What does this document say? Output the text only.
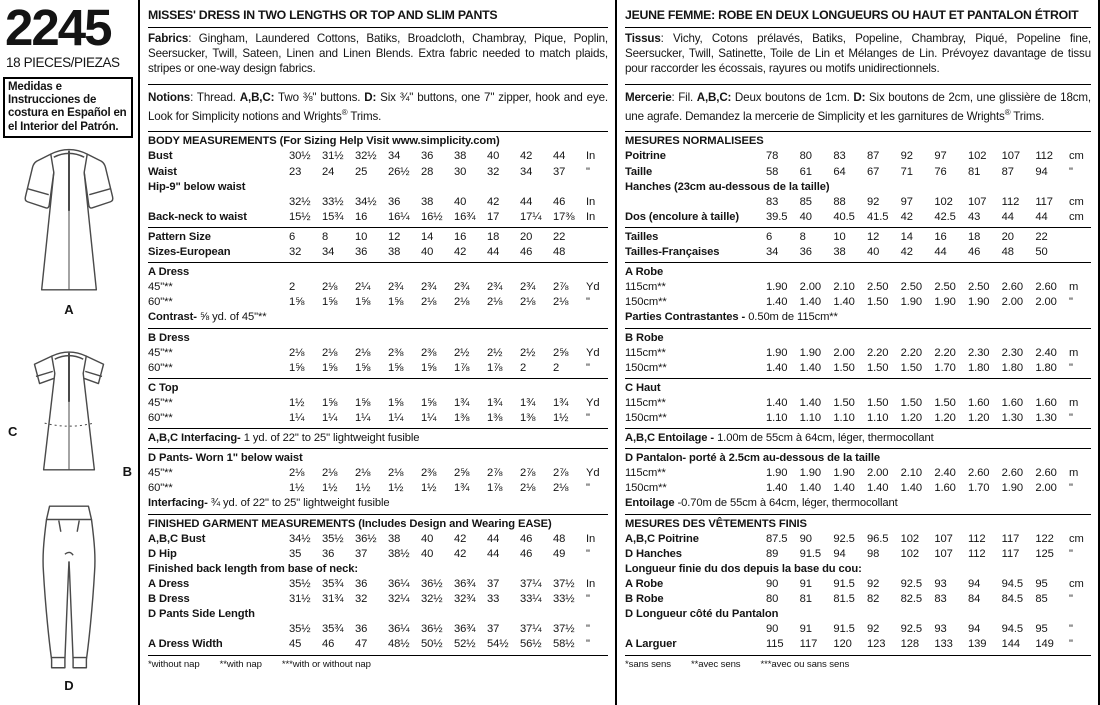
2245
18 PIECES/PIEZAS
Medidas e Instrucciones de costura en Español en el Interior del Patrón.
A
C
B
D
MISSES' DRESS IN TWO LENGTHS OR TOP AND SLIM PANTS
Fabrics: Gingham, Laundered Cottons, Batiks, Broadcloth, Chambray, Pique, Poplin, Seersucker, Twill, Sateen, Linen and Linen Blends. Extra fabric needed to match plaids, stripes or one-way design fabrics.
Notions: Thread. A,B,C: Two ⅜" buttons. D: Six ¾" buttons, one 7" zipper, hook and eye. Look for Simplicity notions and Wrights® Trims.
BODY MEASUREMENTS (For Sizing Help Visit www.simplicity.com)
Bust	30½	31½	32½	34	36	38	40	42	44	In
Waist	23	24	25	26½	28	30	32	34	37	"
Hip-9" below waist
32½	33½	34½	36	38	40	42	44	46	In
Back-neck to waist	15½	15¾	16	16¼	16½	16¾	17	17¼	17⅜	In
Pattern Size	6	8	10	12	14	16	18	20	22
Sizes-European	32	34	36	38	40	42	44	46	48
A Dress
45"**	2	2⅛	2¼	2¾	2¾	2¾	2¾	2¾	2⅞	Yd
60"**	1⅝	1⅝	1⅝	1⅝	2⅛	2⅛	2⅛	2⅛	2⅛	"
Contrast- ⅝ yd. of 45"**
B Dress
45"**	2⅛	2⅛	2⅛	2⅜	2⅜	2½	2½	2½	2⅝	Yd
60"**	1⅝	1⅝	1⅝	1⅝	1⅝	1⅞	1⅞	2	2	"
C Top
45"**	1½	1⅝	1⅝	1⅝	1⅝	1¾	1¾	1¾	1¾	Yd
60"**	1¼	1¼	1¼	1¼	1¼	1⅜	1⅜	1⅜	1½	"
A,B,C Interfacing- 1 yd. of 22" to 25" lightweight fusible
D Pants- Worn 1" below waist
45"**	2⅛	2⅛	2⅛	2⅛	2⅜	2⅝	2⅞	2⅞	2⅞	Yd
60"**	1½	1½	1½	1½	1½	1¾	1⅞	2⅛	2⅛	"
Interfacing- ¾ yd. of 22" to 25" lightweight fusible
FINISHED GARMENT MEASUREMENTS (Includes Design and Wearing EASE)
A,B,C Bust	34½	35½	36½	38	40	42	44	46	48	In
D Hip	35	36	37	38½	40	42	44	46	49	"
Finished back length from base of neck:
A Dress	35½	35¾	36	36¼	36½	36¾	37	37¼	37½	In
B Dress	31½	31¾	32	32¼	32½	32¾	33	33¼	33½	"
D Pants Side Length
35½	35¾	36	36¼	36½	36¾	37	37¼	37½	"
A Dress Width	45	46	47	48½	50½	52½	54½	56½	58½	"
*without nap **with nap ***with or without nap
JEUNE FEMME: ROBE EN DEUX LONGUEURS OU HAUT ET PANTALON ÉTROIT
Tissus: Vichy, Cotons prélavés, Batiks, Popeline, Chambray, Piqué, Popeline fine, Seersucker, Twill, Satinette, Toile de Lin et Mélanges de Lin. Prévoyez davantage de tissu pour raccorder les écossais, rayures ou motifs unidirectionnels.
Mercerie: Fil. A,B,C: Deux boutons de 1cm. D: Six boutons de 2cm, une glissière de 18cm, une agrafe. Demandez la mercerie de Simplicity et les garnitures de Wrights® Trims.
MESURES NORMALISEES
Poitrine	78	80	83	87	92	97	102	107	112	cm
Taille	58	61	64	67	71	76	81	87	94	"
Hanches (23cm au-dessous de la taille)
83	85	88	92	97	102	107	112	117	cm
Dos (encolure à taille)	39.5	40	40.5	41.5	42	42.5	43	44	44	cm
Tailles	6	8	10	12	14	16	18	20	22
Tailles-Françaises	34	36	38	40	42	44	46	48	50
A Robe
115cm**	1.90	2.00	2.10	2.50	2.50	2.50	2.50	2.60	2.60	m
150cm**	1.40	1.40	1.40	1.50	1.90	1.90	1.90	2.00	2.00	"
Parties Contrastantes - 0.50m de 115cm**
B Robe
115cm**	1.90	1.90	2.00	2.20	2.20	2.20	2.30	2.30	2.40	m
150cm**	1.40	1.40	1.50	1.50	1.50	1.70	1.80	1.80	1.80	"
C Haut
115cm**	1.40	1.40	1.50	1.50	1.50	1.50	1.60	1.60	1.60	m
150cm**	1.10	1.10	1.10	1.10	1.20	1.20	1.20	1.30	1.30	"
A,B,C Entoilage - 1.00m de 55cm à 64cm, léger, thermocollant
D Pantalon- porté à 2.5cm au-dessous de la taille
115cm**	1.90	1.90	1.90	2.00	2.10	2.40	2.60	2.60	2.60	m
150cm**	1.40	1.40	1.40	1.40	1.40	1.60	1.70	1.90	2.00	"
Entoilage -0.70m de 55cm à 64cm, léger, thermocollant
MESURES DES VÊTEMENTS FINIS
A,B,C Poitrine	87.5	90	92.5	96.5	102	107	112	117	122	cm
D Hanches	89	91.5	94	98	102	107	112	117	125	"
Longueur finie du dos depuis la base du cou:
A Robe	90	91	91.5	92	92.5	93	94	94.5	95	cm
B Robe	80	81	81.5	82	82.5	83	84	84.5	85	"
D Longueur côté du Pantalon
90	91	91.5	92	92.5	93	94	94.5	95	"
A Larguer	115	117	120	123	128	133	139	144	149	"
*sans sens **avec sens ***avec ou sans sens
